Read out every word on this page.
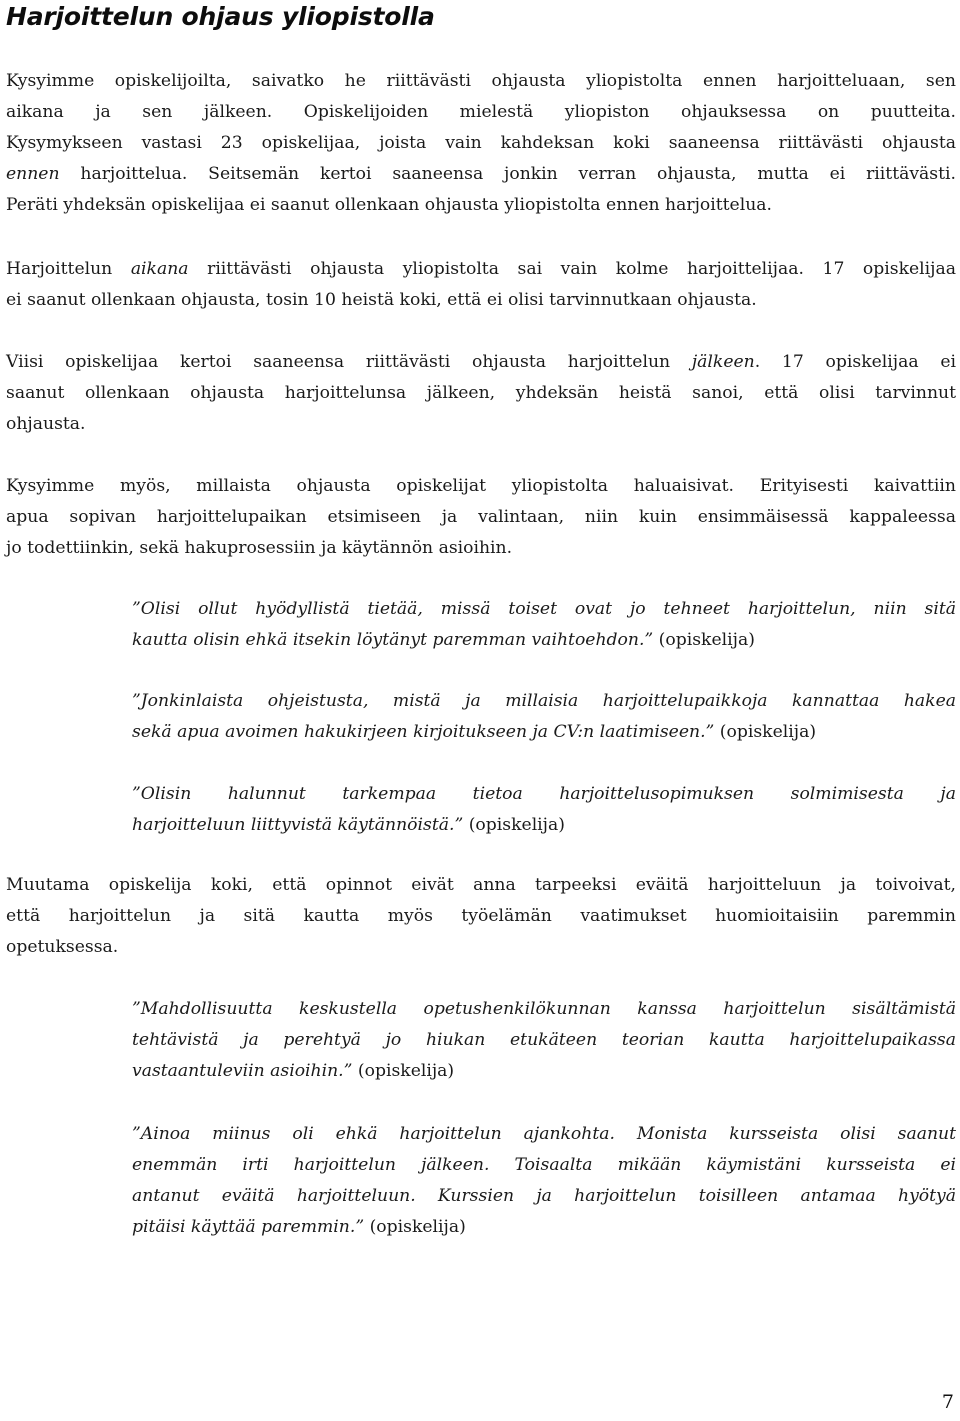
Harjoittelun ohjaus yliopistolla
Kysyimme opiskelijoilta, saivatko he riittävästi ohjausta yliopistolta ennen harjoitteluaan, sen
aikana ja sen jälkeen. Opiskelijoiden mielestä yliopiston ohjauksessa on puutteita.
Kysymykseen vastasi 23 opiskelijaa, joista vain kahdeksan koki saaneensa riittävästi ohjausta
ennen harjoittelua. Seitsemän kertoi saaneensa jonkin verran ohjausta, mutta ei riittävästi.
Peräti yhdeksän opiskelijaa ei saanut ollenkaan ohjausta yliopistolta ennen harjoittelua.
Harjoittelun aikana riittävästi ohjausta yliopistolta sai vain kolme harjoittelijaa. 17 opiskelijaa
ei saanut ollenkaan ohjausta, tosin 10 heistä koki, että ei olisi tarvinnutkaan ohjausta.
Viisi opiskelijaa kertoi saaneensa riittävästi ohjausta harjoittelun jälkeen. 17 opiskelijaa ei
saanut ollenkaan ohjausta harjoittelunsa jälkeen, yhdeksän heistä sanoi, että olisi tarvinnut
ohjausta.
Kysyimme myös, millaista ohjausta opiskelijat yliopistolta haluaisivat. Erityisesti kaivattiin
apua sopivan harjoittelupaikan etsimiseen ja valintaan, niin kuin ensimmäisessä kappaleessa
jo todettiinkin, sekä hakuprosessiin ja käytännön asioihin.
”Olisi ollut hyödyllistä tietää, missä toiset ovat jo tehneet harjoittelun, niin sitä
kautta olisin ehkä itsekin löytänyt paremman vaihtoehdon.” (opiskelija)
”Jonkinlaista ohjeistusta, mistä ja millaisia harjoittelupaikkoja kannattaa hakea
sekä apua avoimen hakukirjeen kirjoitukseen ja CV:n laatimiseen.” (opiskelija)
”Olisin halunnut tarkempaa tietoa harjoittelusopimuksen solmimisesta ja
harjoitteluun liittyvistä käytännöistä.” (opiskelija)
Muutama opiskelija koki, että opinnot eivät anna tarpeeksi eväitä harjoitteluun ja toivoivat,
että harjoittelun ja sitä kautta myös työelämän vaatimukset huomioitaisiin paremmin
opetuksessa.
”Mahdollisuutta keskustella opetushenkilökunnan kanssa harjoittelun sisältämistä
tehtävistä ja perehtyä jo hiukan etukäteen teorian kautta harjoittelupaikassa
vastaantuleviin asioihin.” (opiskelija)
”Ainoa miinus oli ehkä harjoittelun ajankohta. Monista kursseista olisi saanut
enemmän irti harjoittelun jälkeen. Toisaalta mikään käymistäni kursseista ei
antanut eväitä harjoitteluun. Kurssien ja harjoittelun toisilleen antamaa hyötyä
pitäisi käyttää paremmin.” (opiskelija)
7
